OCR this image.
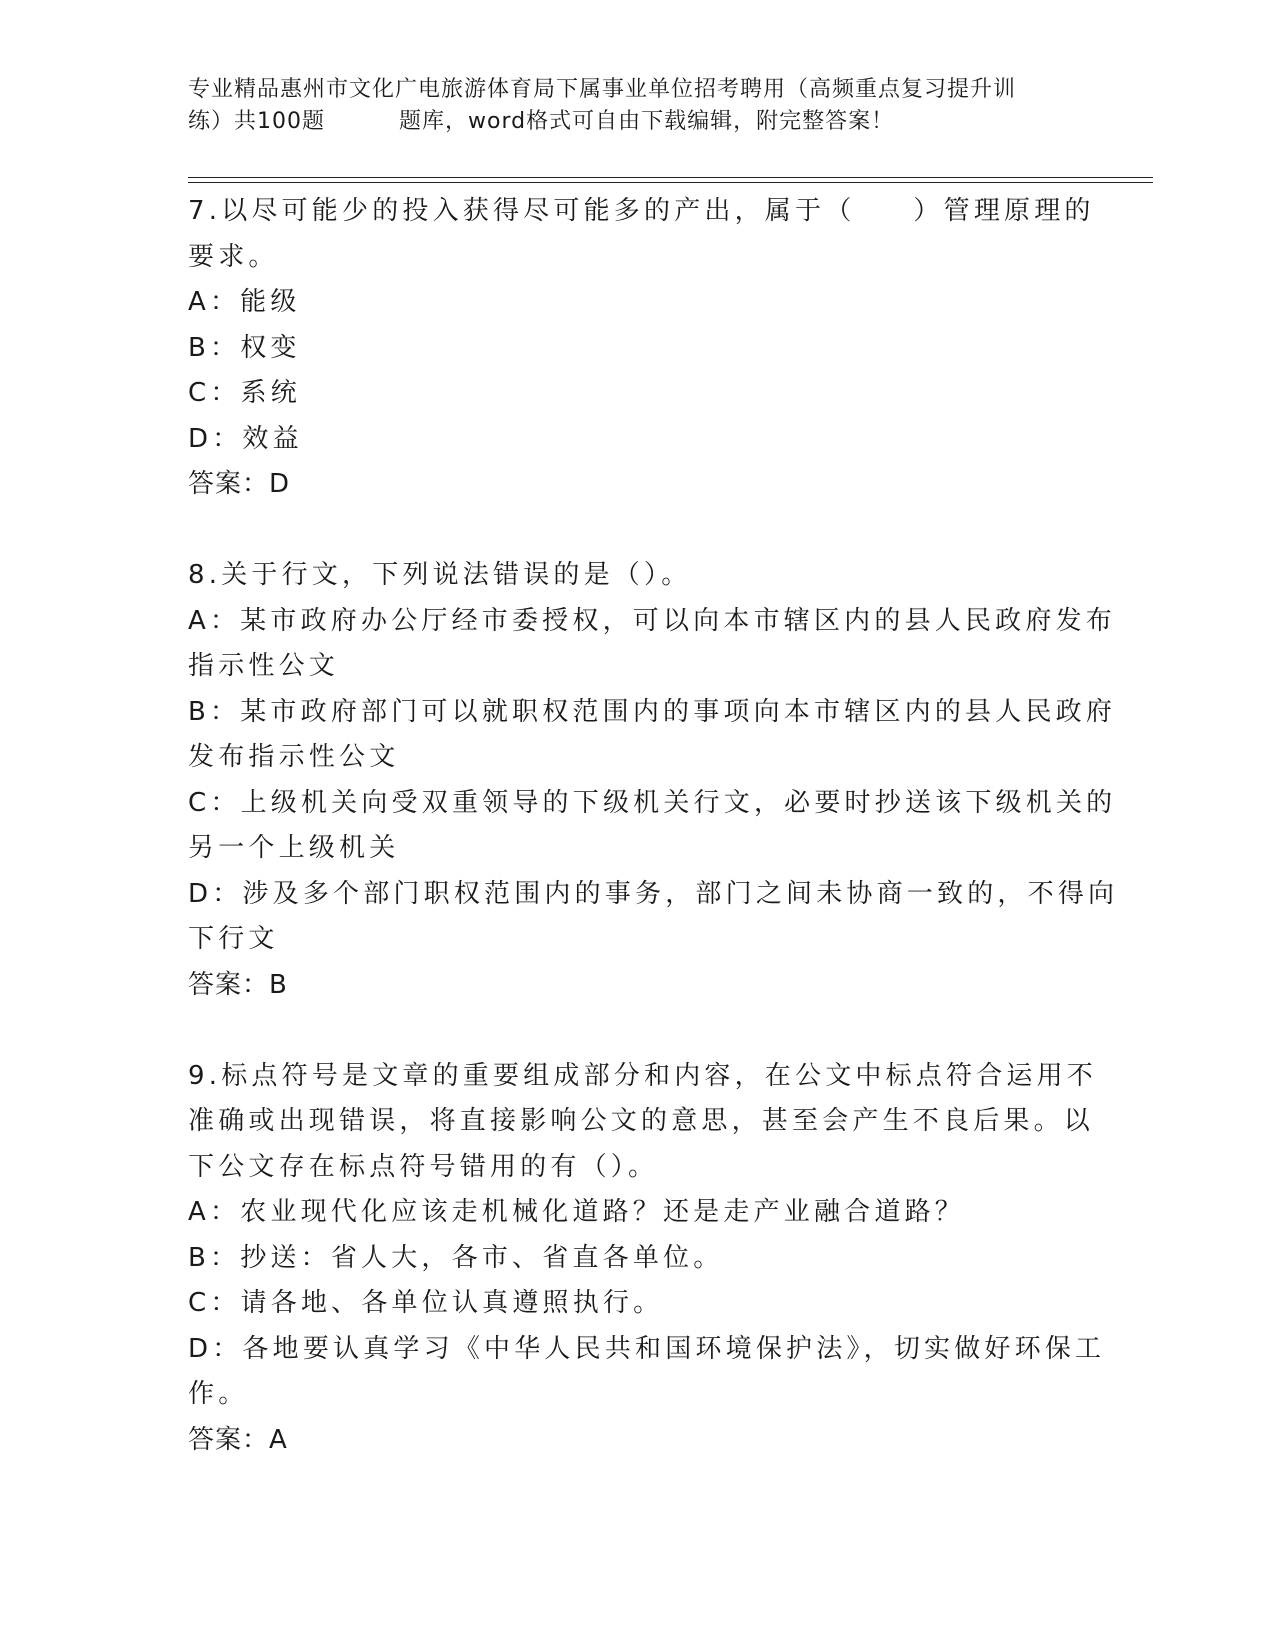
专业精品惠州市文化广电旅游体育局下属事业单位招考聘用（高频重点复习提升训
练）共100题	题库，word格式可自由下载编辑，附完整答案！
7.以尽可能少的投入获得尽可能多的产出，属于（ ）管理原理的
要求。
A：能级
B：权变
C：系统
D：效益
答案：D
8.关于行文，下列说法错误的是（）。
A：某市政府办公厅经市委授权，可以向本市辖区内的县人民政府发布
指示性公文
B：某市政府部门可以就职权范围内的事项向本市辖区内的县人民政府
发布指示性公文
C：上级机关向受双重领导的下级机关行文，必要时抄送该下级机关的
另一个上级机关
D：涉及多个部门职权范围内的事务，部门之间未协商一致的，不得向
下行文
答案：B
9.标点符号是文章的重要组成部分和内容，在公文中标点符合运用不
准确或出现错误，将直接影响公文的意思，甚至会产生不良后果。以
下公文存在标点符号错用的有（）。
A：农业现代化应该走机械化道路？还是走产业融合道路？
B：抄送：省人大，各市、省直各单位。
C：请各地、各单位认真遵照执行。
D：各地要认真学习《中华人民共和国环境保护法》，切实做好环保工
作。
答案：A
